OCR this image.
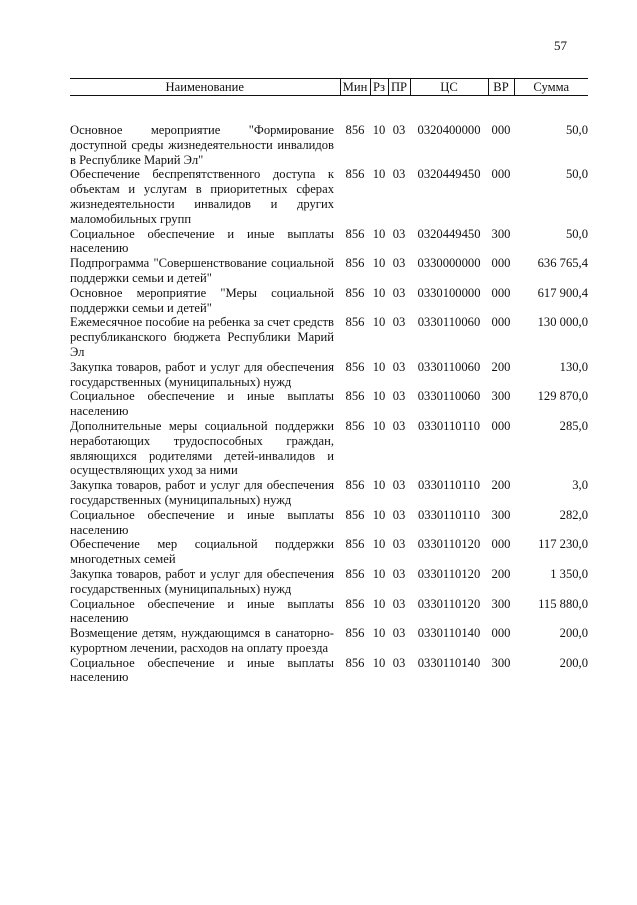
57
Наименование	Мин	Рз	ПР	ЦС	ВР	Сумма
Основное мероприятие "Формирование доступной среды жизнедеятельности инвалидов в Республике Марий Эл"	856	10	03	0320400000	000	50,0
Обеспечение беспрепятственного доступа к объектам и услугам в приоритетных сферах жизнедеятельности инвалидов и других маломобильных групп	856	10	03	0320449450	000	50,0
Социальное обеспечение и иные выплаты населению	856	10	03	0320449450	300	50,0
Подпрограмма "Совершенствование социальной поддержки семьи и детей"	856	10	03	0330000000	000	636 765,4
Основное мероприятие "Меры социальной поддержки семьи и детей"	856	10	03	0330100000	000	617 900,4
Ежемесячное пособие на ребенка за счет средств республиканского бюджета Республики Марий Эл	856	10	03	0330110060	000	130 000,0
Закупка товаров, работ и услуг для обеспечения государственных (муниципальных) нужд	856	10	03	0330110060	200	130,0
Социальное обеспечение и иные выплаты населению	856	10	03	0330110060	300	129 870,0
Дополнительные меры социальной поддержки неработающих трудоспособных граждан, являющихся родителями детей-инвалидов и осуществляющих уход за ними	856	10	03	0330110110	000	285,0
Закупка товаров, работ и услуг для обеспечения государственных (муниципальных) нужд	856	10	03	0330110110	200	3,0
Социальное обеспечение и иные выплаты населению	856	10	03	0330110110	300	282,0
Обеспечение мер социальной поддержки многодетных семей	856	10	03	0330110120	000	117 230,0
Закупка товаров, работ и услуг для обеспечения государственных (муниципальных) нужд	856	10	03	0330110120	200	1 350,0
Социальное обеспечение и иные выплаты населению	856	10	03	0330110120	300	115 880,0
Возмещение детям, нуждающимся в санаторно-курортном лечении, расходов на оплату проезда	856	10	03	0330110140	000	200,0
Социальное обеспечение и иные выплаты населению	856	10	03	0330110140	300	200,0
